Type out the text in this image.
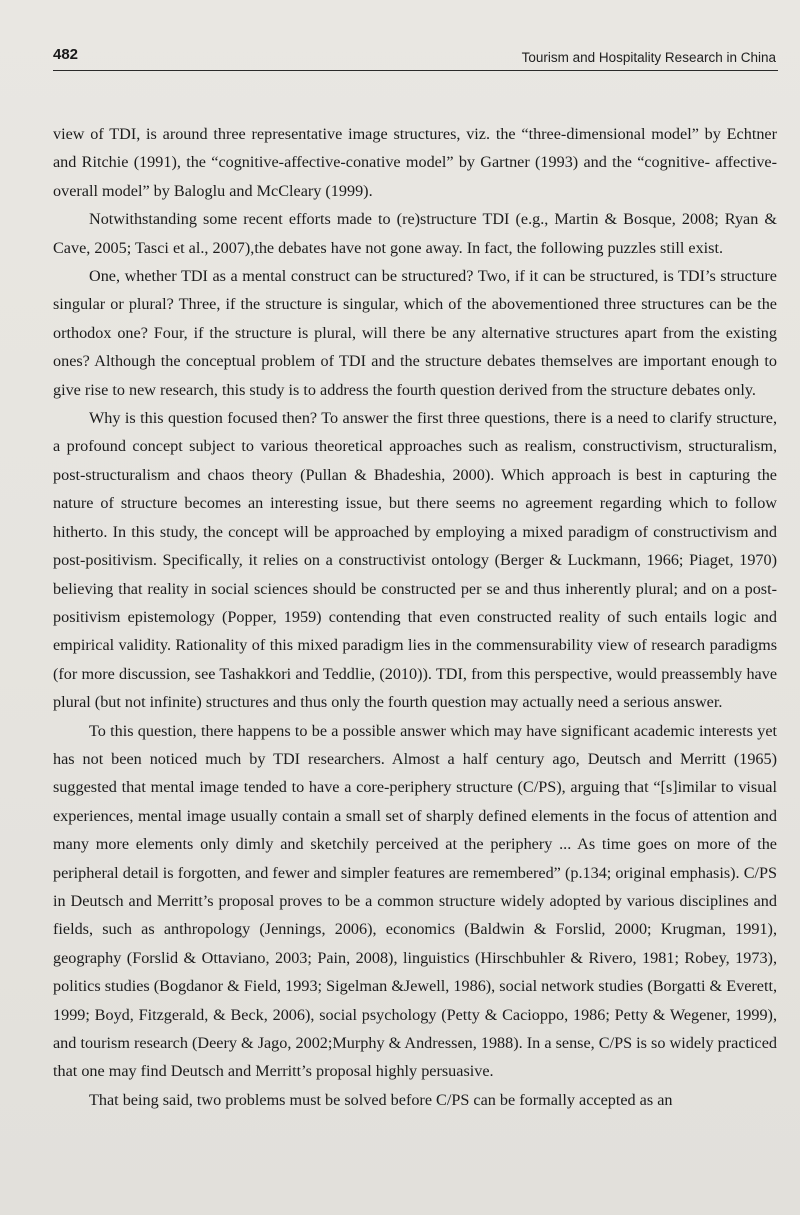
482	Tourism and Hospitality Research in China

view of TDI, is around three representative image structures, viz. the “three-dimensional model” by Echtner and Ritchie (1991), the “cognitive-affective-conative model” by Gartner (1993) and the “cognitive- affective-overall model” by Baloglu and McCleary (1999).

Notwithstanding some recent efforts made to (re)structure TDI (e.g., Martin & Bosque, 2008; Ryan & Cave, 2005; Tasci et al., 2007),the debates have not gone away. In fact, the following puzzles still exist.

One, whether TDI as a mental construct can be structured? Two, if it can be structured, is TDI’s structure singular or plural? Three, if the structure is singular, which of the abovementioned three structures can be the orthodox one? Four, if the structure is plural, will there be any alternative structures apart from the existing ones? Although the conceptual problem of TDI and the structure debates themselves are important enough to give rise to new research, this study is to address the fourth question derived from the structure debates only.

Why is this question focused then? To answer the first three questions, there is a need to clarify structure, a profound concept subject to various theoretical approaches such as realism, constructivism, structuralism, post-structuralism and chaos theory (Pullan & Bhadeshia, 2000). Which approach is best in capturing the nature of structure becomes an interesting issue, but there seems no agreement regarding which to follow hitherto. In this study, the concept will be approached by employing a mixed paradigm of constructivism and post-positivism. Specifically, it relies on a constructivist ontology (Berger & Luckmann, 1966; Piaget, 1970) believing that reality in social sciences should be constructed per se and thus inherently plural; and on a post-positivism epistemology (Popper, 1959) contending that even constructed reality of such entails logic and empirical validity. Rationality of this mixed paradigm lies in the commensurability view of research paradigms (for more discussion, see Tashakkori and Teddlie, (2010)). TDI, from this perspective, would preassembly have plural (but not infinite) structures and thus only the fourth question may actually need a serious answer.

To this question, there happens to be a possible answer which may have significant academic interests yet has not been noticed much by TDI researchers. Almost a half century ago, Deutsch and Merritt (1965) suggested that mental image tended to have a core-periphery structure (C/PS), arguing that “[s]imilar to visual experiences, mental image usually contain a small set of sharply defined elements in the focus of attention and many more elements only dimly and sketchily perceived at the periphery ... As time goes on more of the peripheral detail is forgotten, and fewer and simpler features are remembered” (p.134; original emphasis). C/PS in Deutsch and Merritt’s proposal proves to be a common structure widely adopted by various disciplines and fields, such as anthropology (Jennings, 2006), economics (Baldwin & Forslid, 2000; Krugman, 1991), geography (Forslid & Ottaviano, 2003; Pain, 2008), linguistics (Hirschbuhler & Rivero, 1981; Robey, 1973), politics studies (Bogdanor & Field, 1993; Sigelman &Jewell, 1986), social network studies (Borgatti & Everett, 1999; Boyd, Fitzgerald, & Beck, 2006), social psychology (Petty & Cacioppo, 1986; Petty & Wegener, 1999), and tourism research (Deery & Jago, 2002;Murphy & Andressen, 1988). In a sense, C/PS is so widely practiced that one may find Deutsch and Merritt’s proposal highly persuasive.

That being said, two problems must be solved before C/PS can be formally accepted as an
